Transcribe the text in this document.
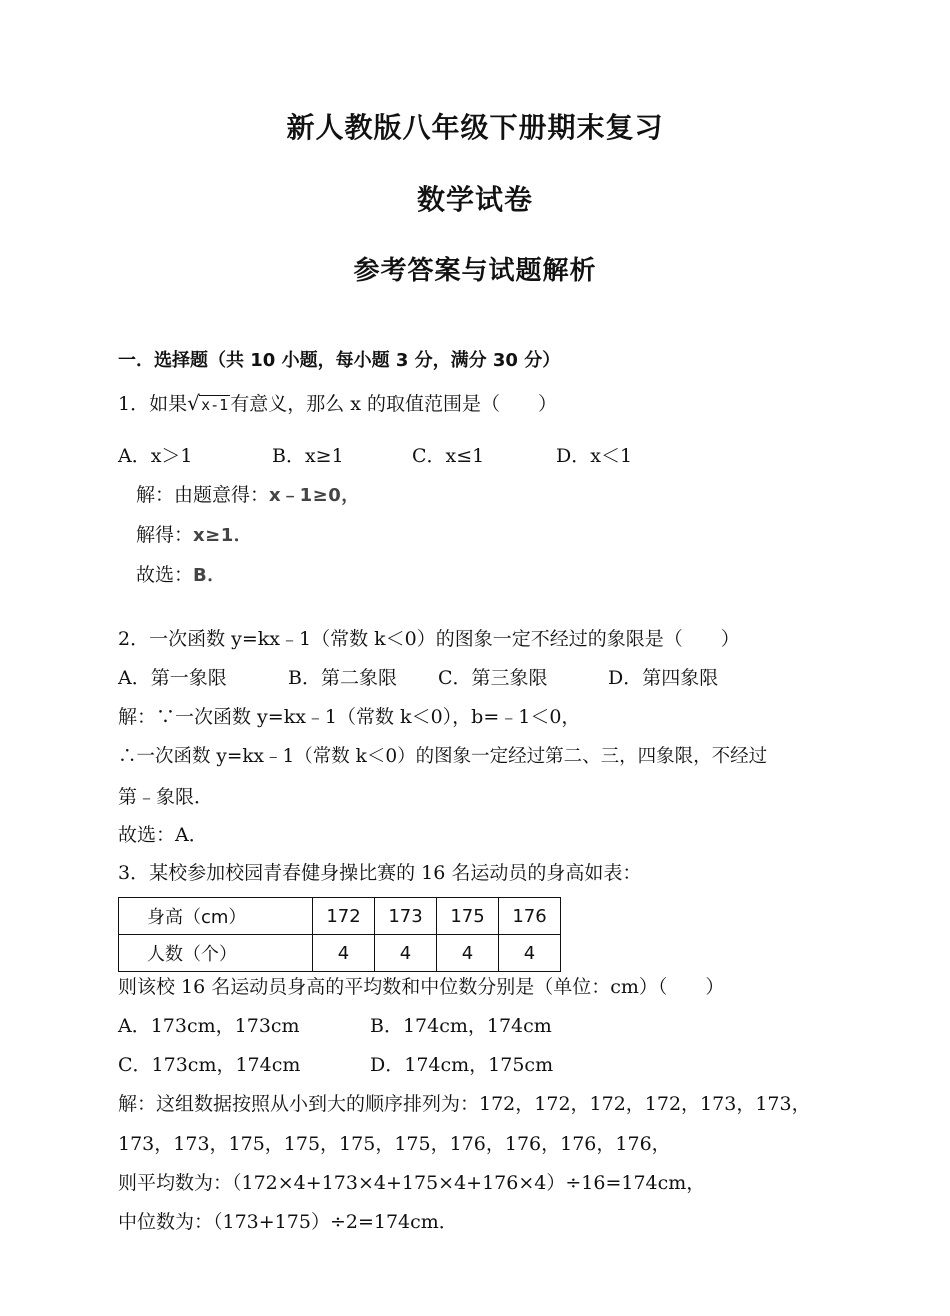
新人教版八年级下册期末复习
数学试卷
参考答案与试题解析
一．选择题（共 10 小题，每小题 3 分，满分 30 分）
1．如果 √ x-1 有意义，那么 x 的取值范围是（　　）
A．x＞1	B．x≥1	C．x≤1	D．x＜1
解：由题意得：x﹣1≥0，
解得：x≥1．
故选：B．
2．一次函数 y=kx﹣1（常数 k＜0）的图象一定不经过的象限是（　　）
A．第一象限	B．第二象限 C．第三象限	D．第四象限
解：∵一次函数 y=kx﹣1（常数 k＜0），b=﹣1＜0，
∴一次函数 y=kx﹣1（常数 k＜0）的图象一定经过第二、三，四象限，不经过
第﹣象限．
故选：A．
3．某校参加校园青春健身操比赛的 16 名运动员的身高如表：
身高（cm）	172	173	175	176
人数（个）	4	4	4	4
则该校 16 名运动员身高的平均数和中位数分别是（单位：cm）（　　）
A．173cm，173cm	B．174cm，174cm
C．173cm，174cm	D．174cm，175cm
解：这组数据按照从小到大的顺序排列为：172，172，172，172，173，173，
173，173，175，175，175，175，176，176，176，176，
则平均数为：（172×4+173×4+175×4+176×4）÷16=174cm，
中位数为：（173+175）÷2=174cm．
